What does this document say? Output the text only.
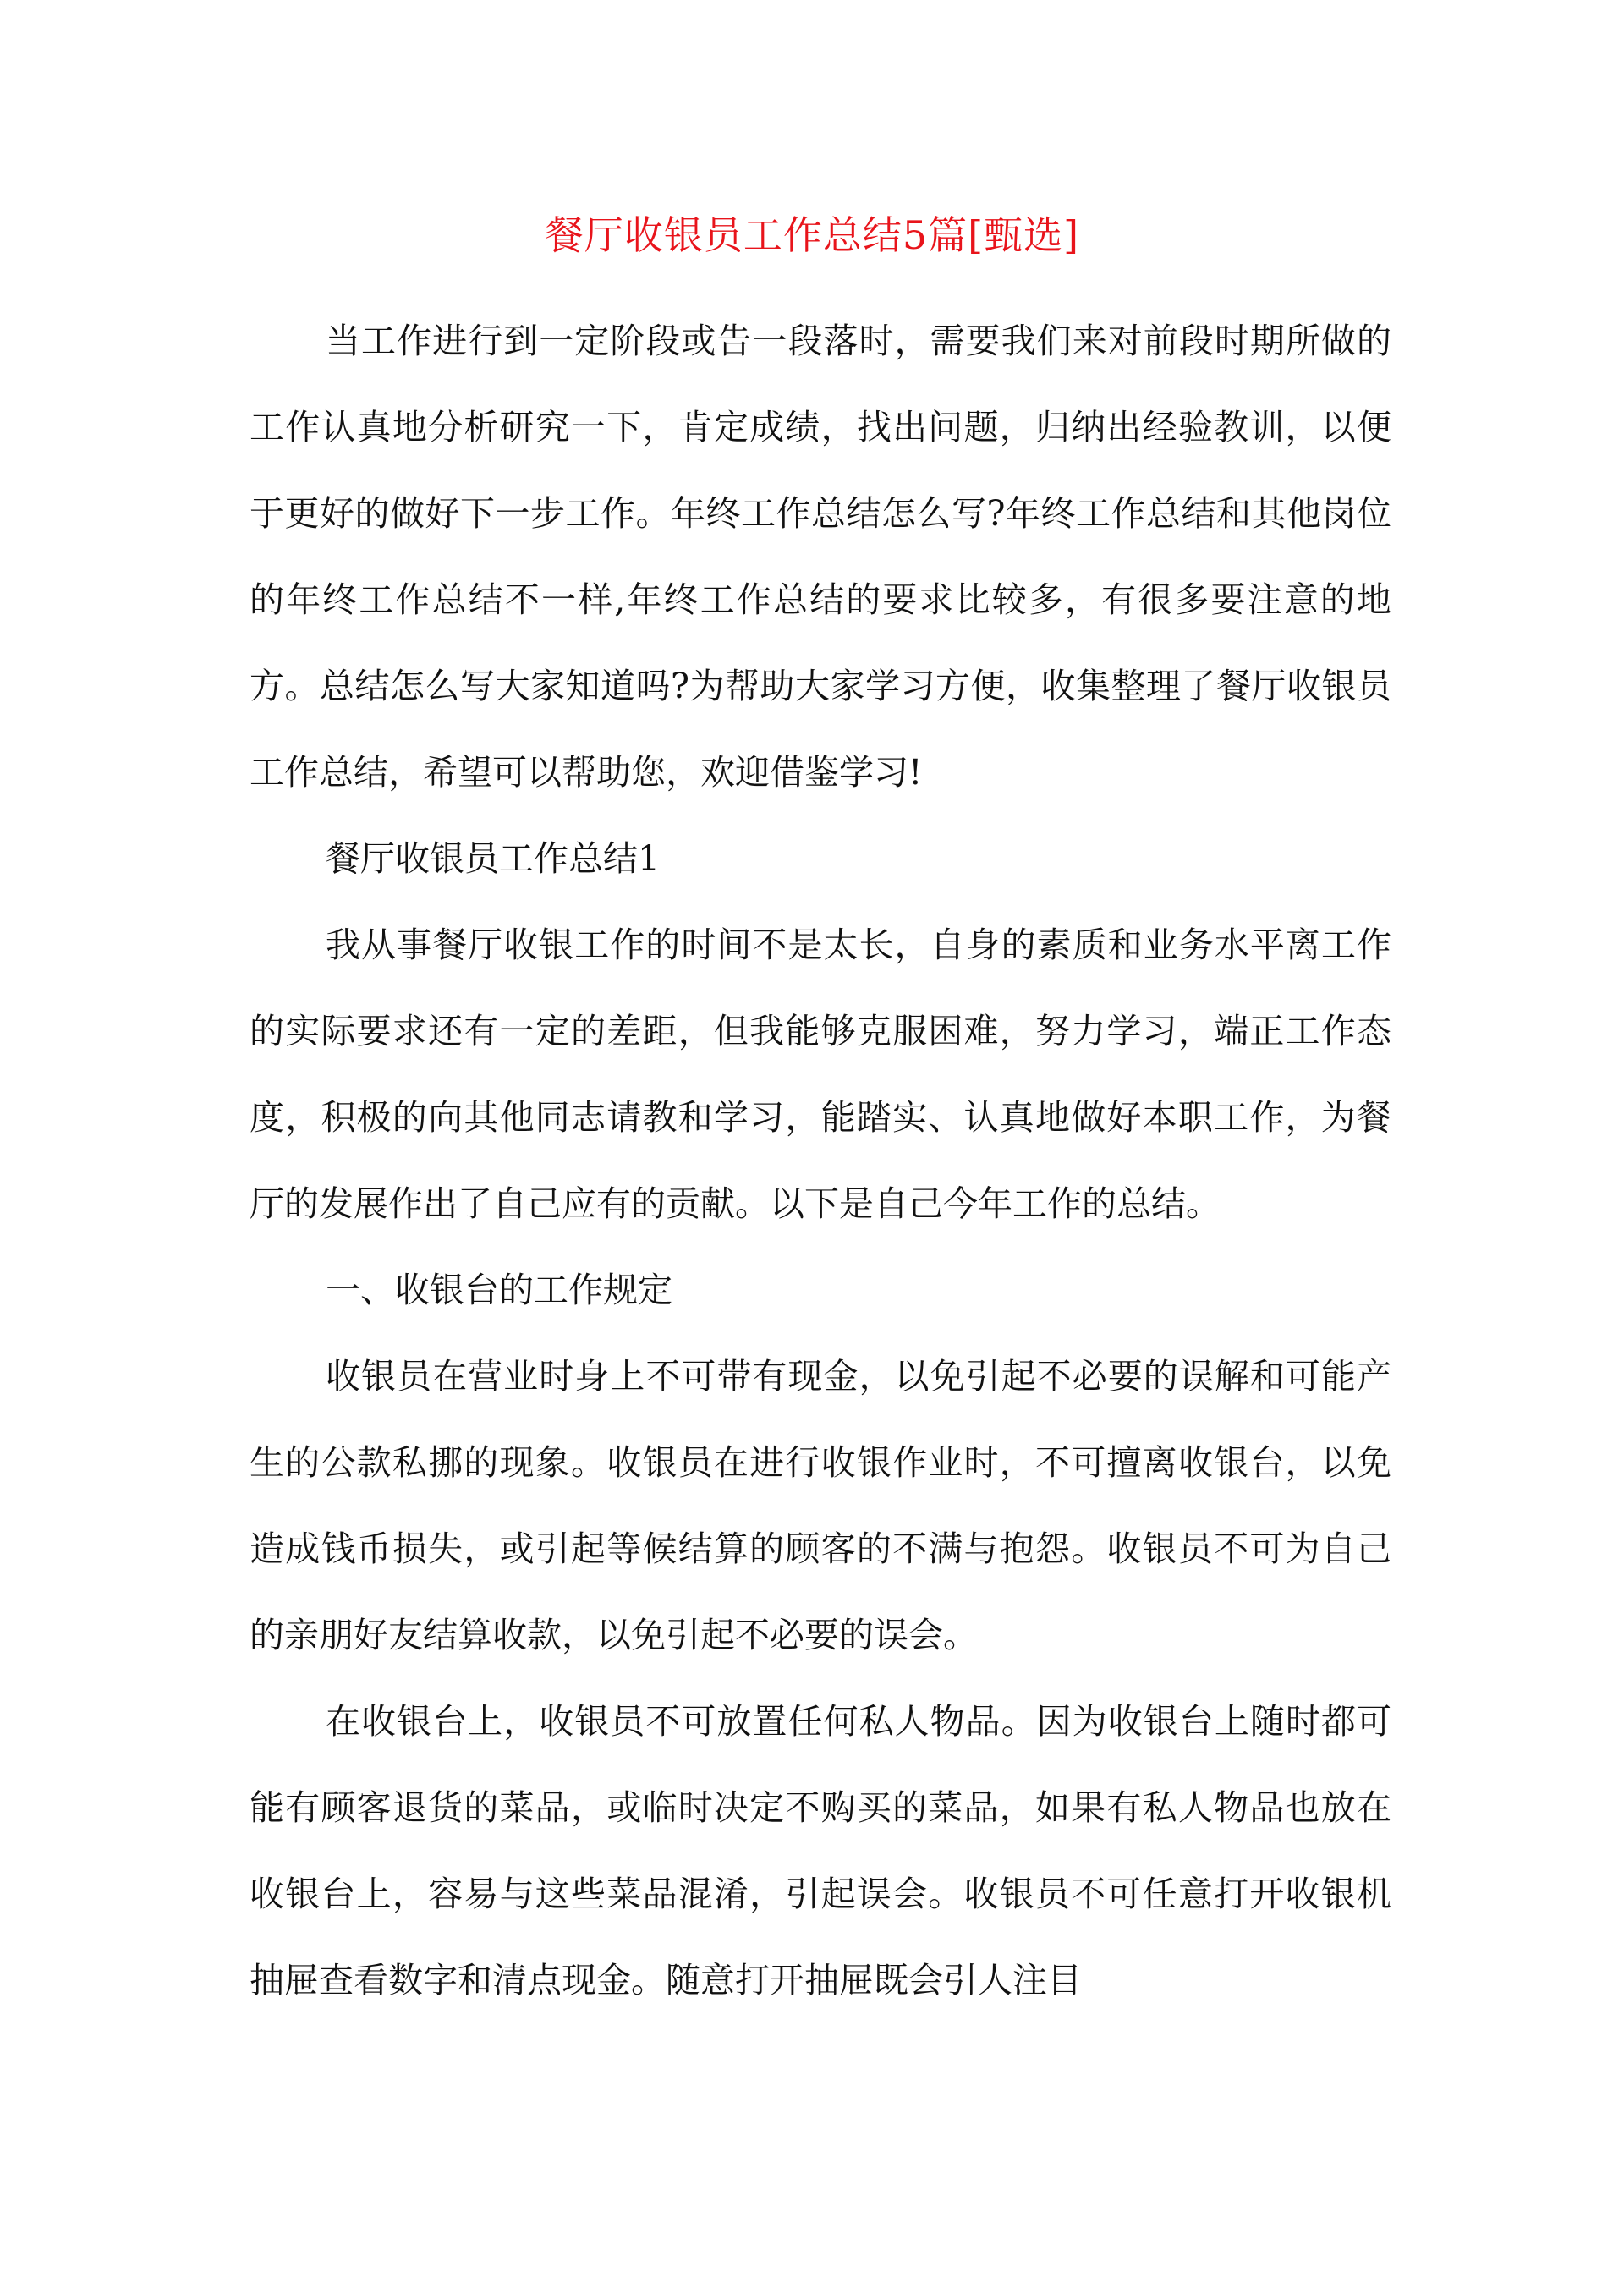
餐厅收银员工作总结5篇[甄选]

当工作进行到一定阶段或告一段落时，需要我们来对前段时期所做的工作认真地分析研究一下，肯定成绩，找出问题，归纳出经验教训，以便于更好的做好下一步工作。年终工作总结怎么写?年终工作总结和其他岗位的年终工作总结不一样,年终工作总结的要求比较多，有很多要注意的地方。总结怎么写大家知道吗?为帮助大家学习方便，收集整理了餐厅收银员工作总结，希望可以帮助您，欢迎借鉴学习!

餐厅收银员工作总结1

我从事餐厅收银工作的时间不是太长，自身的素质和业务水平离工作的实际要求还有一定的差距，但我能够克服困难，努力学习，端正工作态度，积极的向其他同志请教和学习，能踏实、认真地做好本职工作，为餐厅的发展作出了自己应有的贡献。以下是自己今年工作的总结。

一、收银台的工作规定

收银员在营业时身上不可带有现金，以免引起不必要的误解和可能产生的公款私挪的现象。收银员在进行收银作业时，不可擅离收银台，以免造成钱币损失，或引起等候结算的顾客的不满与抱怨。收银员不可为自己的亲朋好友结算收款，以免引起不必要的误会。

在收银台上，收银员不可放置任何私人物品。因为收银台上随时都可能有顾客退货的菜品，或临时决定不购买的菜品，如果有私人物品也放在收银台上，容易与这些菜品混淆，引起误会。收银员不可任意打开收银机抽屉查看数字和清点现金。随意打开抽屉既会引人注目
